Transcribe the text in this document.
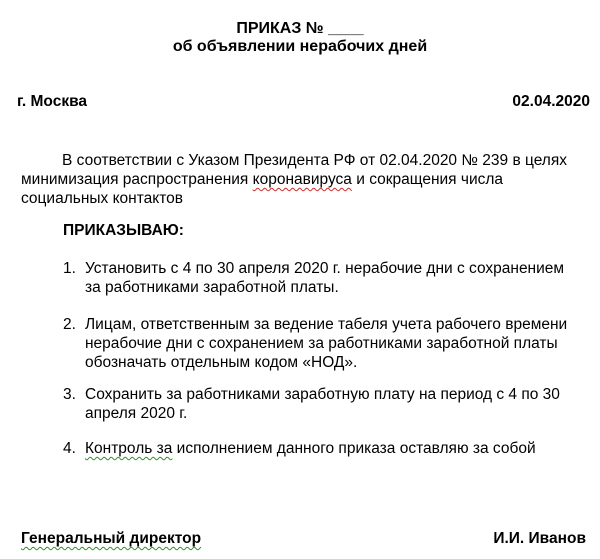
ПРИКАЗ № ____
об объявлении нерабочих дней
г. Москва	02.04.2020
В соответствии с Указом Президента РФ от 02.04.2020 № 239 в целях
минимизация распространения коронавируса и сокращения числа
социальных контактов
ПРИКАЗЫВАЮ:
1. Установить с 4 по 30 апреля 2020 г. нерабочие дни с сохранением
за работниками заработной платы.
2. Лицам, ответственным за ведение табеля учета рабочего времени
нерабочие дни с сохранением за работниками заработной платы
обозначать отдельным кодом «НОД».
3. Сохранить за работниками заработную плату на период с 4 по 30
апреля 2020 г.
4. Контроль за исполнением данного приказа оставляю за собой
Генеральный директор	И.И. Иванов
